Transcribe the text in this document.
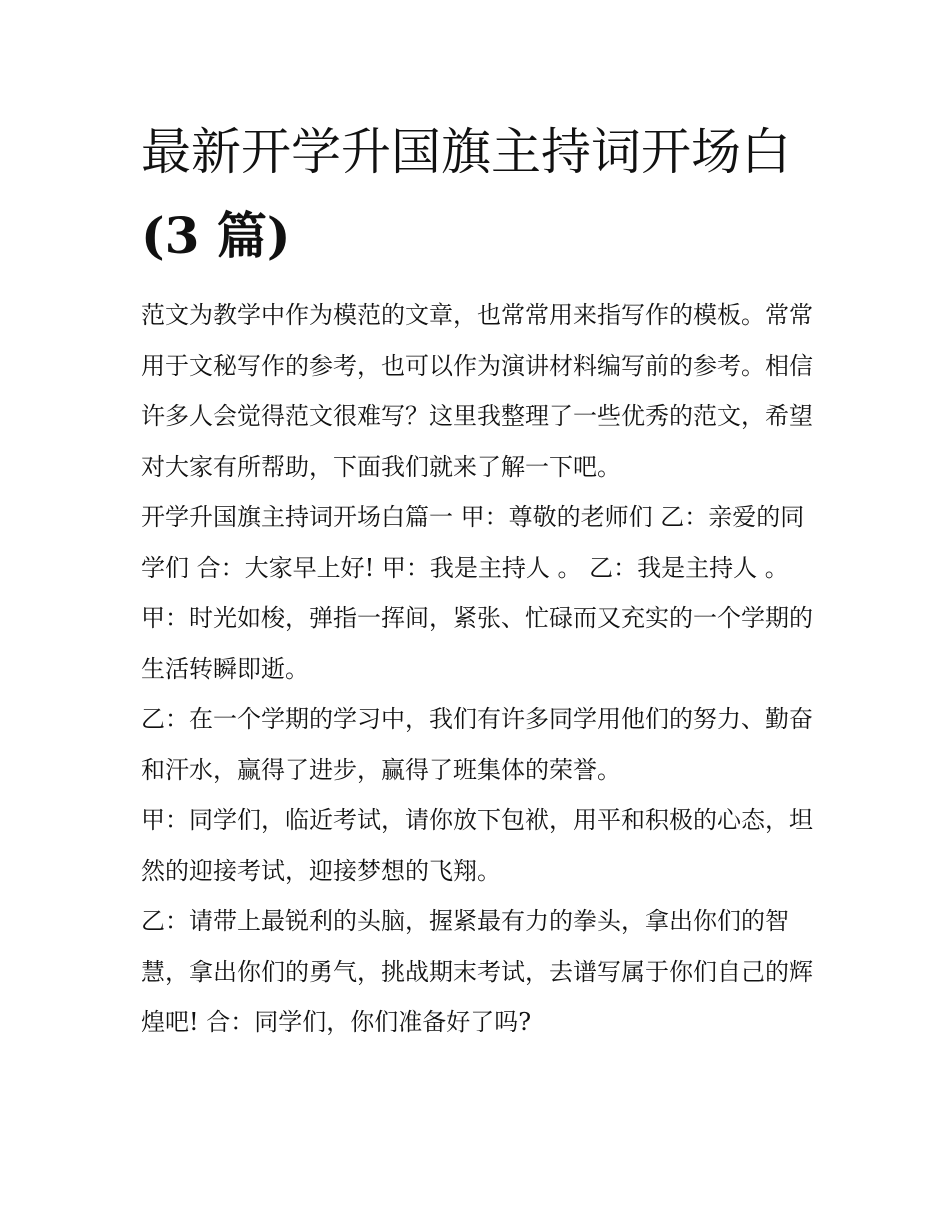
最新开学升国旗主持词开场白
(3 篇)

范文为教学中作为模范的文章，也常常用来指写作的模板。常常用于文秘写作的参考，也可以作为演讲材料编写前的参考。相信许多人会觉得范文很难写？这里我整理了一些优秀的范文，希望对大家有所帮助，下面我们就来了解一下吧。

开学升国旗主持词开场白篇一 甲：尊敬的老师们 乙：亲爱的同学们 合：大家早上好! 甲：我是主持人 。 乙：我是主持人 。

甲：时光如梭，弹指一挥间，紧张、忙碌而又充实的一个学期的生活转瞬即逝。

乙：在一个学期的学习中，我们有许多同学用他们的努力、勤奋和汗水，赢得了进步，赢得了班集体的荣誉。

甲：同学们，临近考试，请你放下包袱，用平和积极的心态，坦然的迎接考试，迎接梦想的飞翔。

乙：请带上最锐利的头脑，握紧最有力的拳头，拿出你们的智慧，拿出你们的勇气，挑战期末考试，去谱写属于你们自己的辉煌吧! 合：同学们，你们准备好了吗?
